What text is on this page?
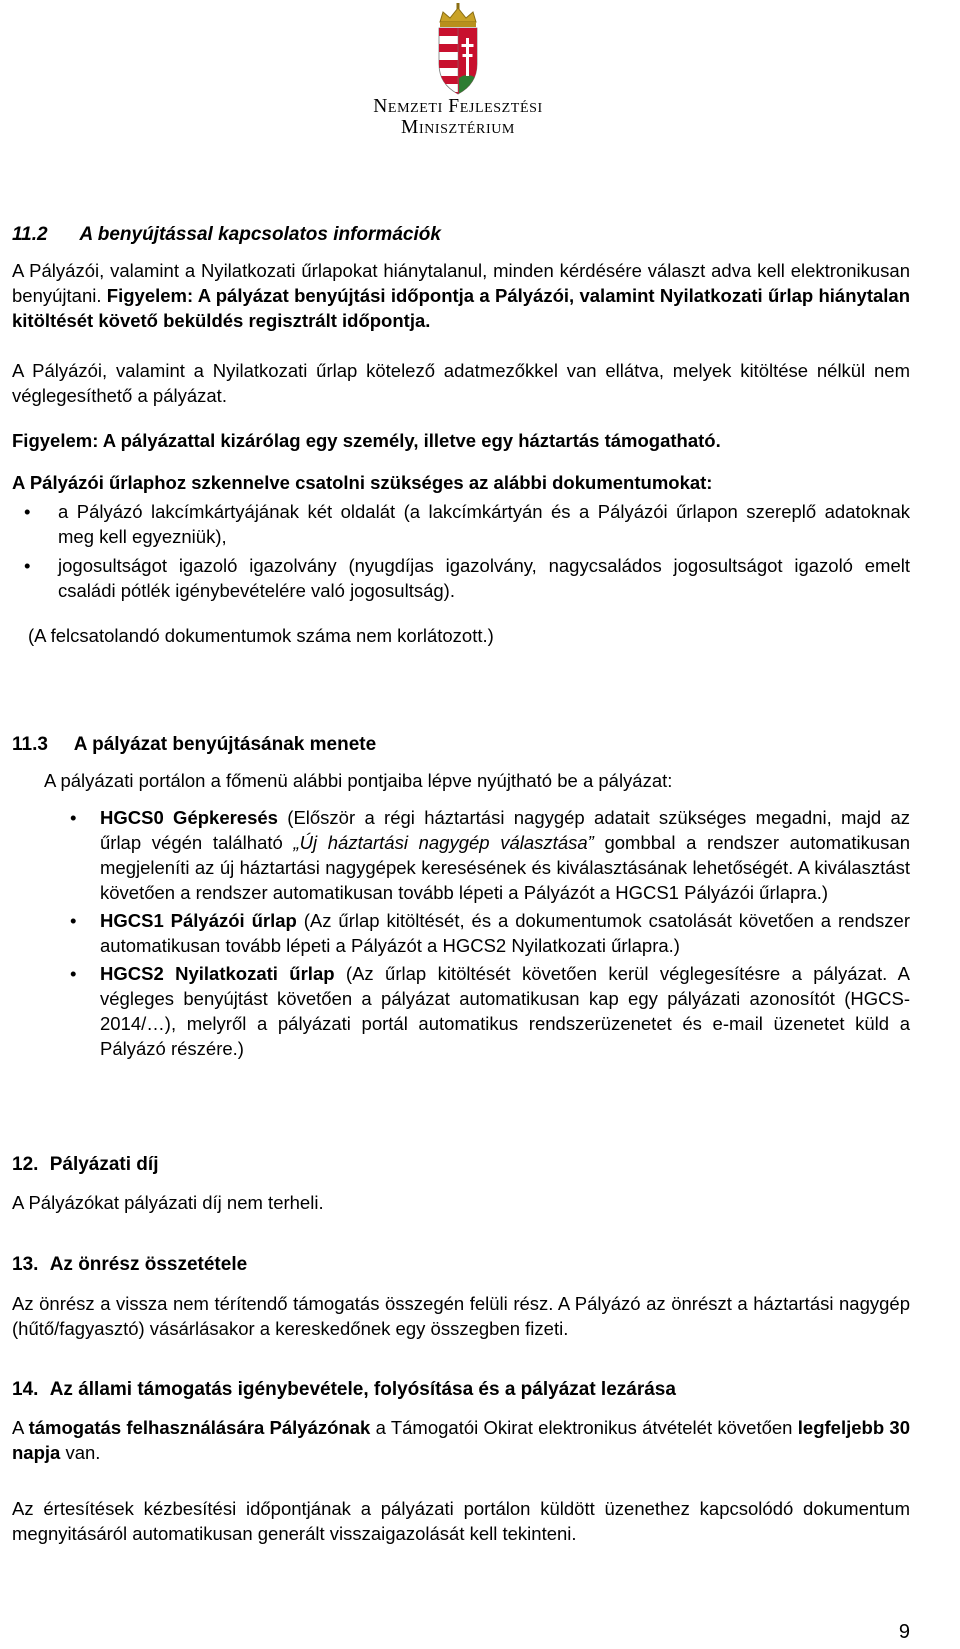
Nemzeti Fejlesztési
Minisztérium
11.2 A benyújtással kapcsolatos információk

A Pályázói, valamint a Nyilatkozati űrlapokat hiánytalanul, minden kérdésére választ adva kell elektronikusan benyújtani. Figyelem: A pályázat benyújtási időpontja a Pályázói, valamint Nyilatkozati űrlap hiánytalan kitöltését követő beküldés regisztrált időpontja.

A Pályázói, valamint a Nyilatkozati űrlap kötelező adatmezőkkel van ellátva, melyek kitöltése nélkül nem véglegesíthető a pályázat.

Figyelem: A pályázattal kizárólag egy személy, illetve egy háztartás támogatható.

A Pályázói űrlaphoz szkennelve csatolni szükséges az alábbi dokumentumokat:

• a Pályázó lakcímkártyájának két oldalát (a lakcímkártyán és a Pályázói űrlapon szereplő adatoknak meg kell egyezniük),
• jogosultságot igazoló igazolvány (nyugdíjas igazolvány, nagycsaládos jogosultságot igazoló emelt családi pótlék igénybevételére való jogosultság).

(A felcsatolandó dokumentumok száma nem korlátozott.)

11.3 A pályázat benyújtásának menete

A pályázati portálon a főmenü alábbi pontjaiba lépve nyújtható be a pályázat:

• HGCS0 Gépkeresés (Először a régi háztartási nagygép adatait szükséges megadni, majd az űrlap végén található „Új háztartási nagygép választása” gombbal a rendszer automatikusan megjeleníti az új háztartási nagygépek keresésének és kiválasztásának lehetőségét. A kiválasztást követően a rendszer automatikusan tovább lépeti a Pályázót a HGCS1 Pályázói űrlapra.)
• HGCS1 Pályázói űrlap (Az űrlap kitöltését, és a dokumentumok csatolását követően a rendszer automatikusan tovább lépeti a Pályázót a HGCS2 Nyilatkozati űrlapra.)
• HGCS2 Nyilatkozati űrlap (Az űrlap kitöltését követően kerül véglegesítésre a pályázat. A végleges benyújtást követően a pályázat automatikusan kap egy pályázati azonosítót (HGCS-2014/…), melyről a pályázati portál automatikus rendszerüzenetet és e-mail üzenetet küld a Pályázó részére.)
12. Pályázati díj

A Pályázókat pályázati díj nem terheli.

13. Az önrész összetétele

Az önrész a vissza nem térítendő támogatás összegén felüli rész. A Pályázó az önrészt a háztartási nagygép (hűtő/fagyasztó) vásárlásakor a kereskedőnek egy összegben fizeti.

14. Az állami támogatás igénybevétele, folyósítása és a pályázat lezárása

A támogatás felhasználására Pályázónak a Támogatói Okirat elektronikus átvételét követően legfeljebb 30 napja van.

Az értesítések kézbesítési időpontjának a pályázati portálon küldött üzenethez kapcsolódó dokumentum megnyitásáról automatikusan generált visszaigazolását kell tekinteni.

9
